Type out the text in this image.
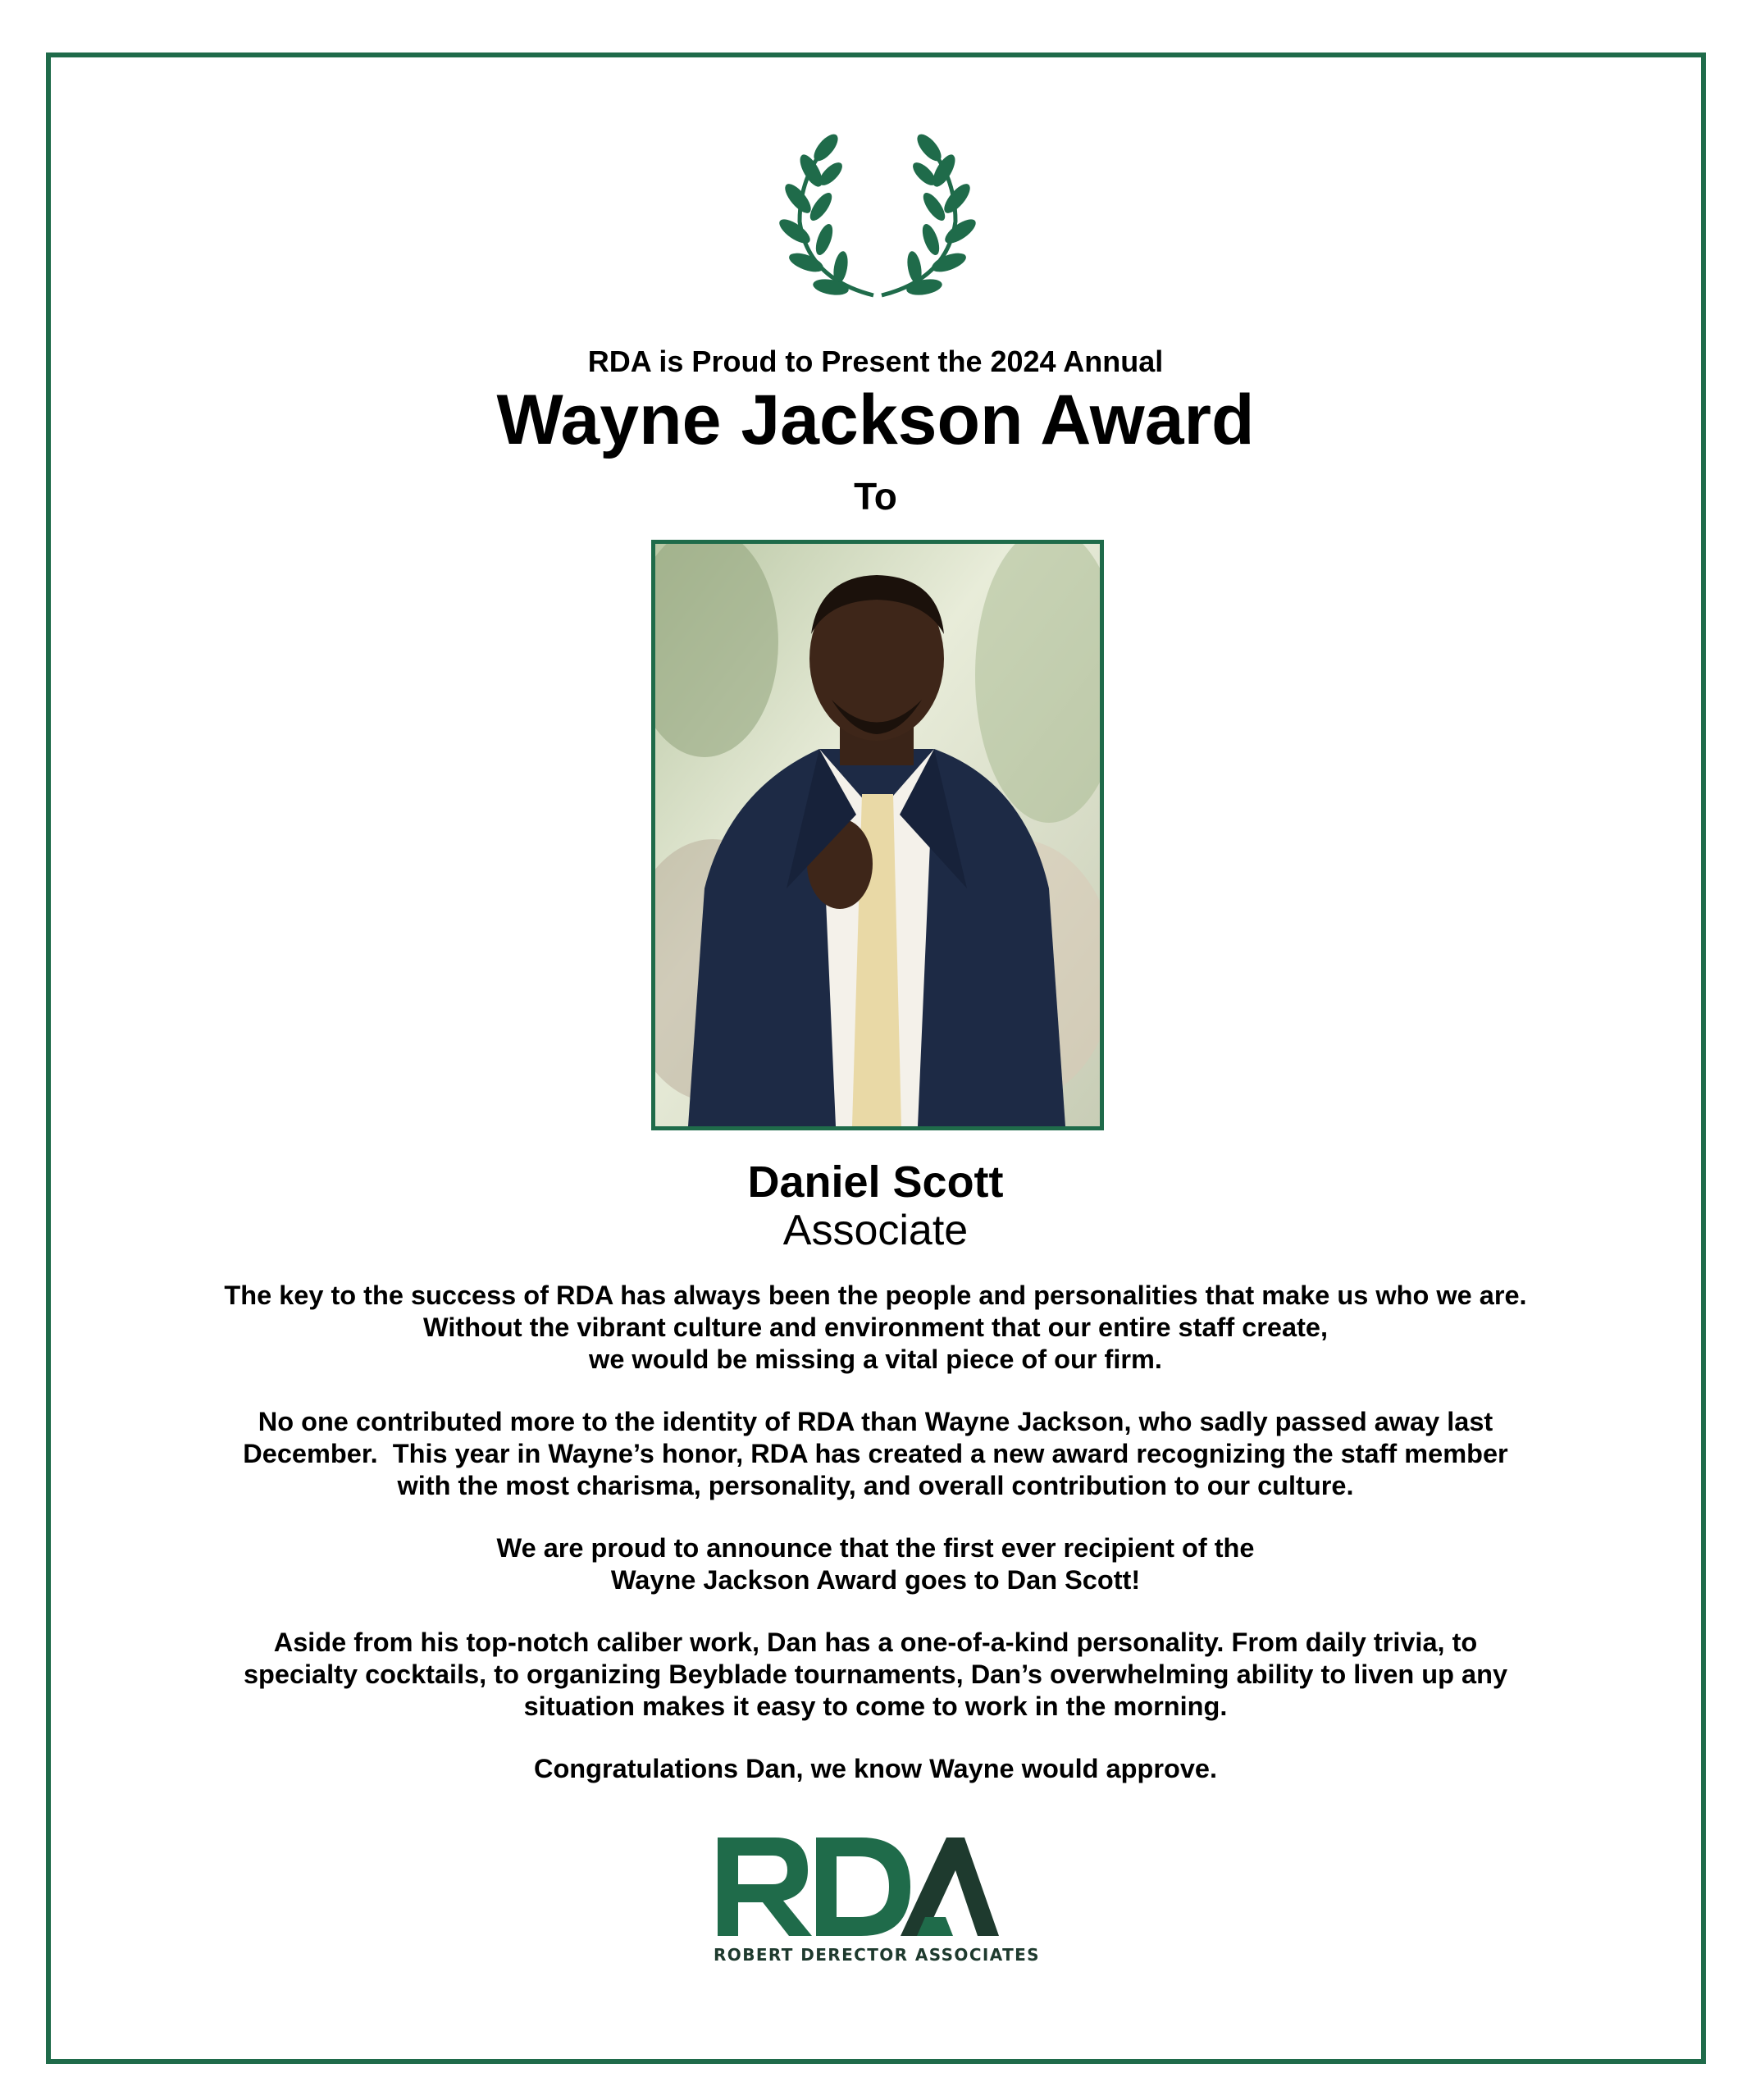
RDA is Proud to Present the 2024 Annual
Wayne Jackson Award
To
Daniel Scott
Associate

The key to the success of RDA has always been the people and personalities that make us who we are.
Without the vibrant culture and environment that our entire staff create,
we would be missing a vital piece of our firm.

No one contributed more to the identity of RDA than Wayne Jackson, who sadly passed away last
December.  This year in Wayne’s honor, RDA has created a new award recognizing the staff member
with the most charisma, personality, and overall contribution to our culture.

We are proud to announce that the first ever recipient of the
Wayne Jackson Award goes to Dan Scott!

Aside from his top-notch caliber work, Dan has a one-of-a-kind personality. From daily trivia, to
specialty cocktails, to organizing Beyblade tournaments, Dan’s overwhelming ability to liven up any
situation makes it easy to come to work in the morning.

Congratulations Dan, we know Wayne would approve.

ROBERT DERECTOR ASSOCIATES
